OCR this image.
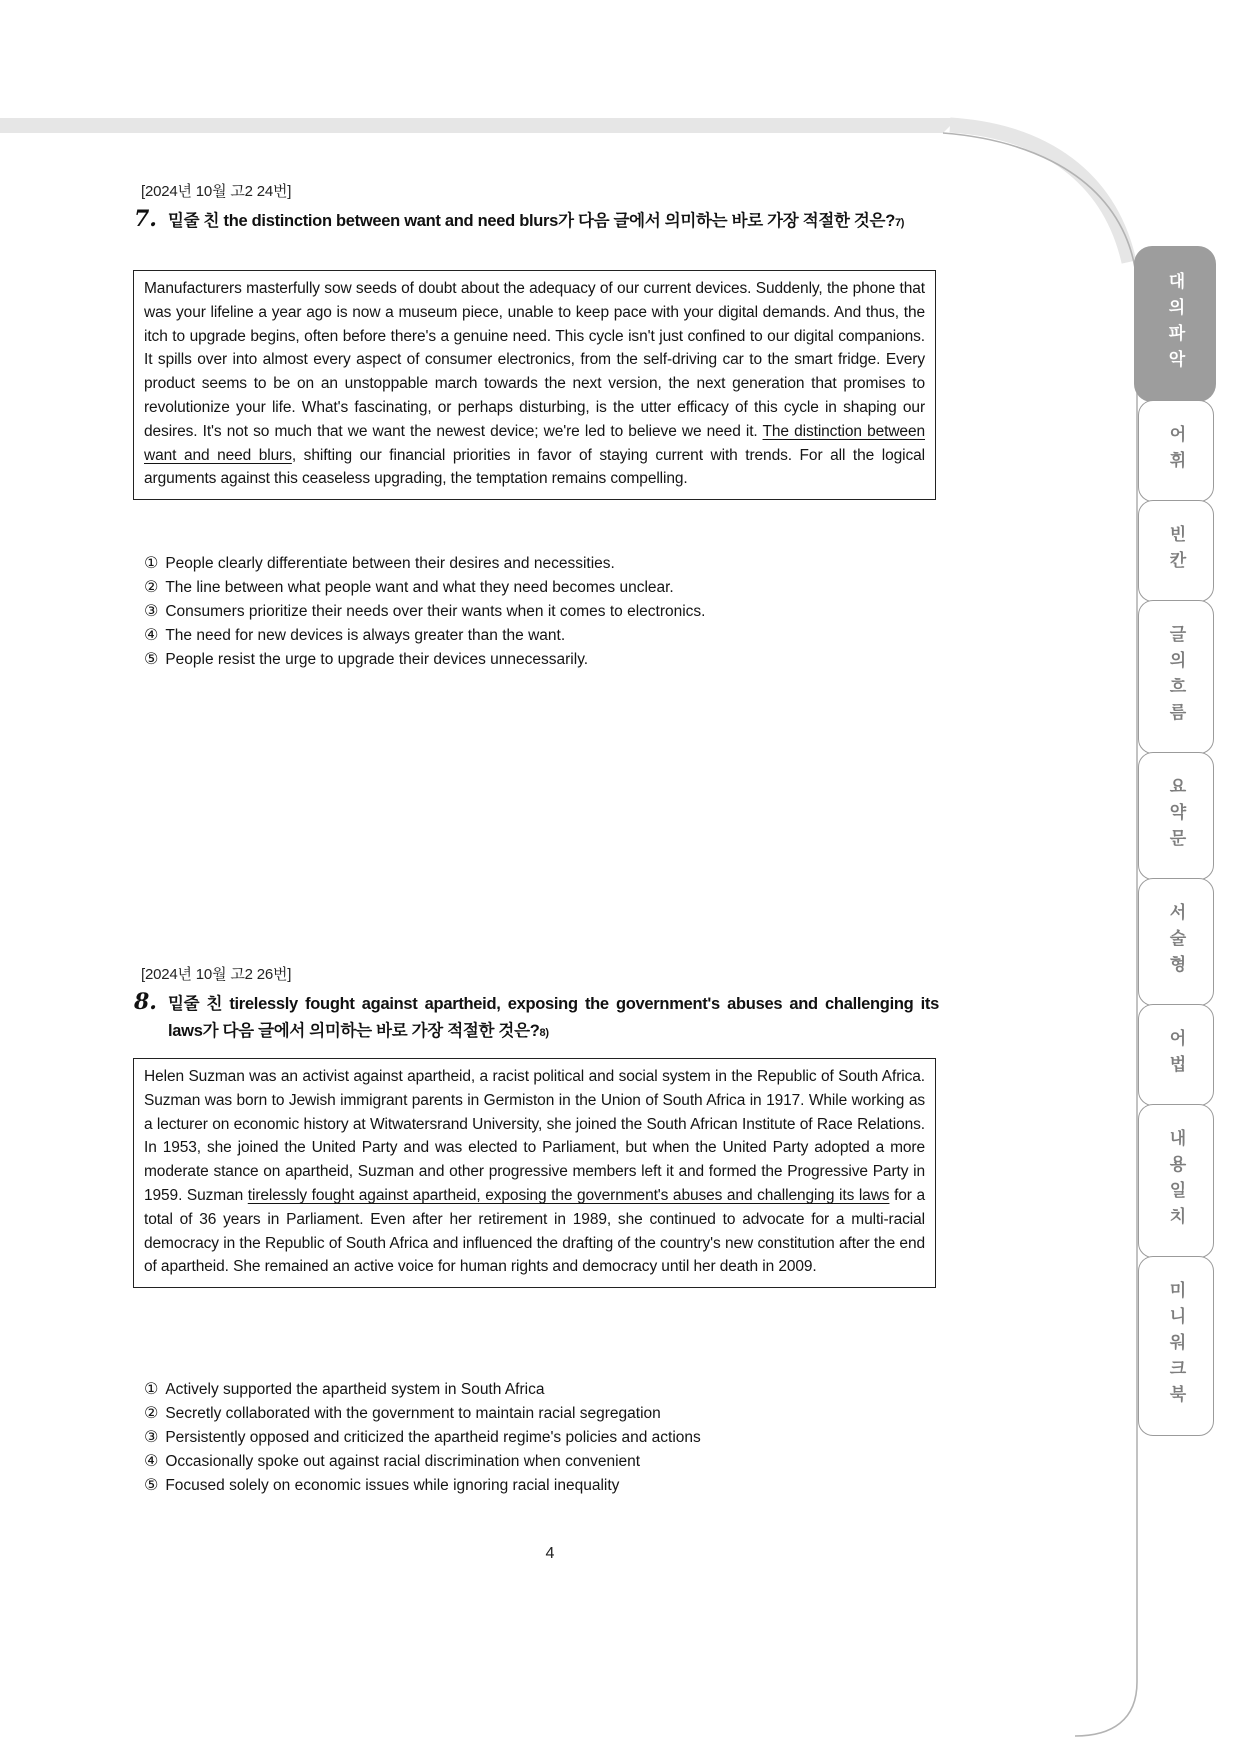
[2024년 10월 고2 24번]
7. 밑줄 친 the distinction between want and need blurs가 다음 글에서 의미하는 바로 가장 적절한 것은?7)
Manufacturers masterfully sow seeds of doubt about the adequacy of our current devices. Suddenly, the phone that was your lifeline a year ago is now a museum piece, unable to keep pace with your digital demands. And thus, the itch to upgrade begins, often before there's a genuine need. This cycle isn't just confined to our digital companions. It spills over into almost every aspect of consumer electronics, from the self-driving car to the smart fridge. Every product seems to be on an unstoppable march towards the next version, the next generation that promises to revolutionize your life. What's fascinating, or perhaps disturbing, is the utter efficacy of this cycle in shaping our desires. It's not so much that we want the newest device; we're led to believe we need it. The distinction between want and need blurs, shifting our financial priorities in favor of staying current with trends. For all the logical arguments against this ceaseless upgrading, the temptation remains compelling.
① People clearly differentiate between their desires and necessities.
② The line between what people want and what they need becomes unclear.
③ Consumers prioritize their needs over their wants when it comes to electronics.
④ The need for new devices is always greater than the want.
⑤ People resist the urge to upgrade their devices unnecessarily.
[2024년 10월 고2 26번]
8. 밑줄 친 tirelessly fought against apartheid, exposing the government's abuses and challenging its laws가 다음 글에서 의미하는 바로 가장 적절한 것은?8)
Helen Suzman was an activist against apartheid, a racist political and social system in the Republic of South Africa. Suzman was born to Jewish immigrant parents in Germiston in the Union of South Africa in 1917. While working as a lecturer on economic history at Witwatersrand University, she joined the South African Institute of Race Relations. In 1953, she joined the United Party and was elected to Parliament, but when the United Party adopted a more moderate stance on apartheid, Suzman and other progressive members left it and formed the Progressive Party in 1959. Suzman tirelessly fought against apartheid, exposing the government's abuses and challenging its laws for a total of 36 years in Parliament. Even after her retirement in 1989, she continued to advocate for a multi-racial democracy in the Republic of South Africa and influenced the drafting of the country's new constitution after the end of apartheid. She remained an active voice for human rights and democracy until her death in 2009.
① Actively supported the apartheid system in South Africa
② Secretly collaborated with the government to maintain racial segregation
③ Persistently opposed and criticized the apartheid regime's policies and actions
④ Occasionally spoke out against racial discrimination when convenient
⑤ Focused solely on economic issues while ignoring racial inequality
대의파악
어휘
빈칸
글의흐름
요약문
서술형
어법
내용일치
미니워크북
4
